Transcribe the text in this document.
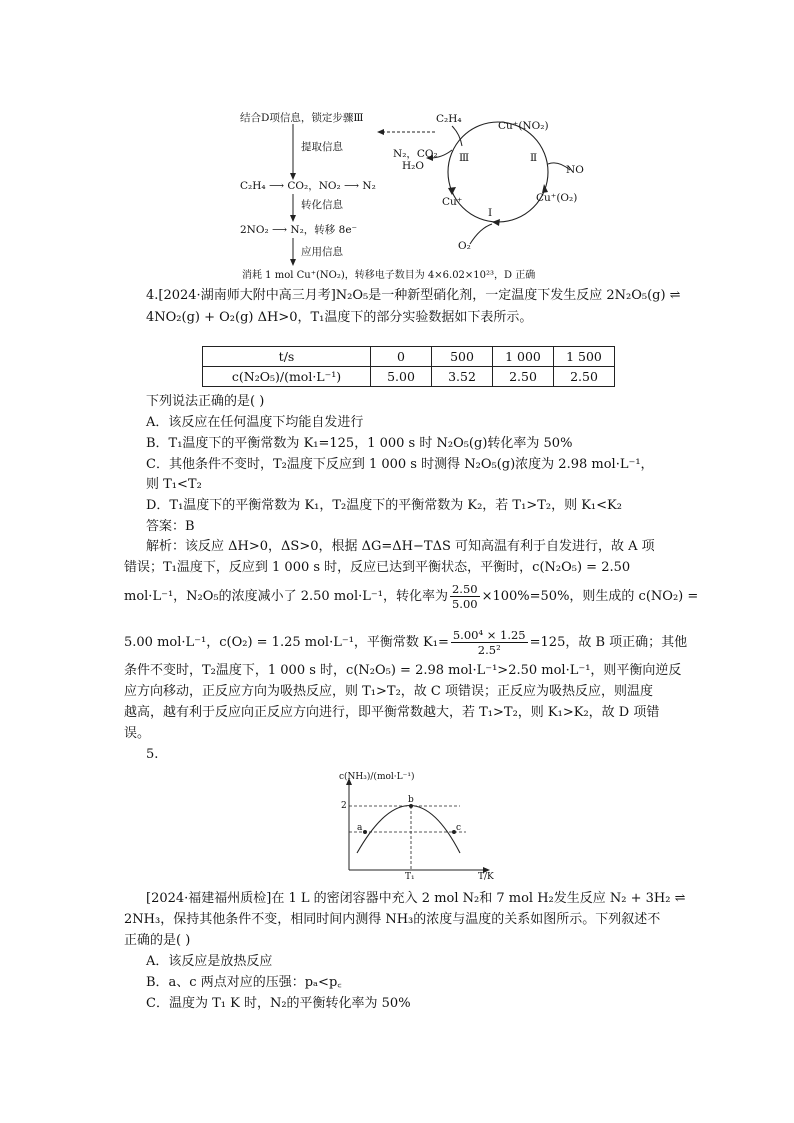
结合D项信息，锁定步骤Ⅲ
提取信息
C₂H₄ ⟶ CO₂，NO₂ ⟶ N₂
转化信息
2NO₂ ⟶ N₂，转移 8e⁻
应用信息
消耗 1 mol Cu⁺(NO₂)，转移电子数目为 4×6.02×10²³，D 正确
C₂H₄
Cu⁺(NO₂)
Ⅲ	Ⅱ
NO
N₂，CO₂
H₂O
Cu⁺	Cu⁺(O₂)
Ⅰ
O₂
4.[2024·湖南师大附中高三月考]N₂O₅是一种新型硝化剂，一定温度下发生反应 2N₂O₅(g) ⇌
4NO₂(g) + O₂(g) ΔH>0，T₁温度下的部分实验数据如下表所示。
t/s	0	500	1 000	1 500
c(N₂O₅)/(mol·L⁻¹)	5.00	3.52	2.50	2.50
下列说法正确的是( )
A．该反应在任何温度下均能自发进行
B．T₁温度下的平衡常数为 K₁=125，1 000 s 时 N₂O₅(g)转化率为 50%
C．其他条件不变时，T₂温度下反应到 1 000 s 时测得 N₂O₅(g)浓度为 2.98 mol·L⁻¹，
则 T₁<T₂
D．T₁温度下的平衡常数为 K₁，T₂温度下的平衡常数为 K₂，若 T₁>T₂，则 K₁<K₂
答案：B
解析：该反应 ΔH>0，ΔS>0，根据 ΔG=ΔH−TΔS 可知高温有利于自发进行，故 A 项
错误；T₁温度下，反应到 1 000 s 时，反应已达到平衡状态，平衡时，c(N₂O₅) = 2.50
mol·L⁻¹，N₂O₅的浓度减小了 2.50 mol·L⁻¹，转化率为 $\frac{2.50}{5.00} \times 100\%=50\%$，则生成的 c(NO₂) =
5.00 mol·L⁻¹，c(O₂) = 1.25 mol·L⁻¹，平衡常数 $K_1= \frac{\text{5.00⁴ × 1.25}}{\text{2.5²}} =125$，故 B 项正确；其他
条件不变时，T₂温度下，1 000 s 时，c(N₂O₅) = 2.98 mol·L⁻¹>2.50 mol·L⁻¹，则平衡向逆反
应方向移动，正反应方向为吸热反应，则 T₁>T₂，故 C 项错误；正反应为吸热反应，则温度
越高，越有利于反应向正反应方向进行，即平衡常数越大，若 T₁>T₂，则 K₁>K₂，故 D 项错
误。
5.
c(NH₃)/(mol·L⁻¹)
2
a
b
c
T₁	T/K
[2024·福建福州质检]在 1 L 的密闭容器中充入 2 mol N₂和 7 mol H₂发生反应 N₂ + 3H₂ ⇌
2NH₃，保持其他条件不变，相同时间内测得 NH₃的浓度与温度的关系如图所示。下列叙述不
正确的是( )
A．该反应是放热反应
B．a、c 两点对应的压强：pₐ<p꜀
C．温度为 T₁ K 时，N₂的平衡转化率为 50%
